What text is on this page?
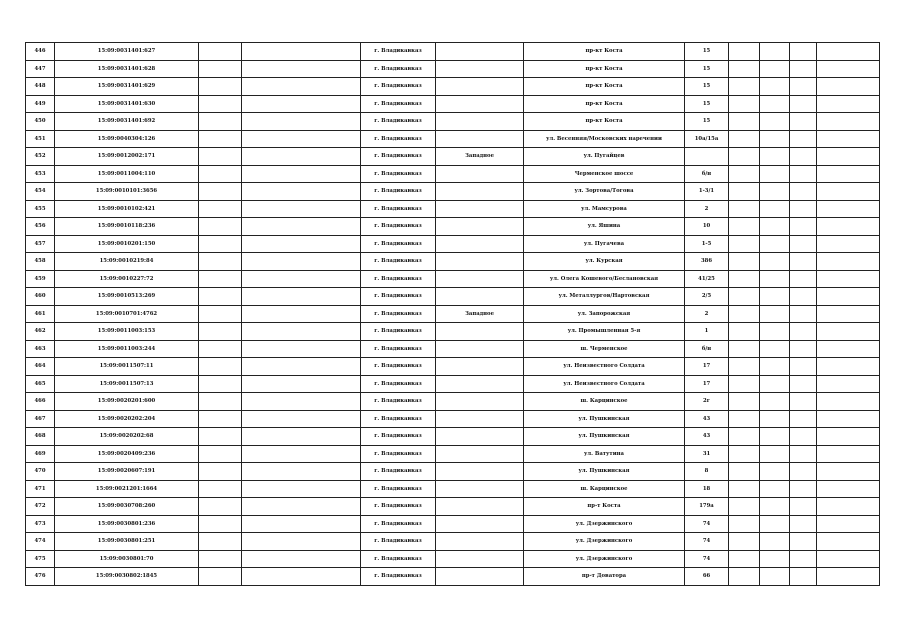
446	15:09:0031401:627			г. Владикавказ		пр-кт Коста	15				
447	15:09:0031401:628			г. Владикавказ		пр-кт Коста	15				
448	15:09:0031401:629			г. Владикавказ		пр-кт Коста	15				
449	15:09:0031401:630			г. Владикавказ		пр-кт Коста	15				
450	15:09:0031401:692			г. Владикавказ		пр-кт Коста	15				
451	15:09:0040304:126			г. Владикавказ		ул. Весенняя/Московских наречении	10а/15а				
452	15:09:0012002:171			г. Владикавказ	Западное	ул. Пугайцев					
453	15:09:0011004:110			г. Владикавказ		Черменское шоссе	б/н				
454	15:09:0010101:3656			г. Владикавказ		ул. Зортова/Тогова	1-3/1				
455	15:09:0010102:421			г. Владикавказ		ул. Мамсурова	2				
456	15:09:0010118:236			г. Владикавказ		ул. Яшина	10				
457	15:09:0010201:150			г. Владикавказ		ул. Пугачева	1-5				
458	15:09:0010219:84			г. Владикавказ		ул. Курская	386				
459	15:09:0010227:72			г. Владикавказ		ул. Олега Кошевого/Беслановская	41/25				
460	15:09:0010513:269			г. Владикавказ		ул. Металлургов/Нартовская	2/5				
461	15:09:0010701:4762			г. Владикавказ	Западное	ул. Запорожская	2				
462	15:09:0011003:153			г. Владикавказ		ул. Промышленная 5-я	1				
463	15:09:0011003:244			г. Владикавказ		ш. Черменское	б/н				
464	15:09:0011507:11			г. Владикавказ		ул. Неизвестного Солдата	17				
465	15:09:0011507:13			г. Владикавказ		ул. Неизвестного Солдата	17				
466	15:09:0020201:600			г. Владикавказ		ш. Карцинское	2г				
467	15:09:0020202:204			г. Владикавказ		ул. Пушкинская	43				
468	15:09:0020202:68			г. Владикавказ		ул. Пушкинская	43				
469	15:09:0020409:236			г. Владикавказ		ул. Ватутина	31				
470	15:09:0020607:191			г. Владикавказ		ул. Пушкинская	8				
471	15:09:0021201:1664			г. Владикавказ		ш. Карцинское	18				
472	15:09:0030708:260			г. Владикавказ		пр-т Коста	179а				
473	15:09:0030801:236			г. Владикавказ		ул. Дзержинского	74				
474	15:09:0030801:251			г. Владикавказ		ул. Дзержинского	74				
475	15:09:0030801:70			г. Владикавказ		ул. Дзержинского	74				
476	15:09:0030802:1845			г. Владикавказ		пр-т Доватора	66				
